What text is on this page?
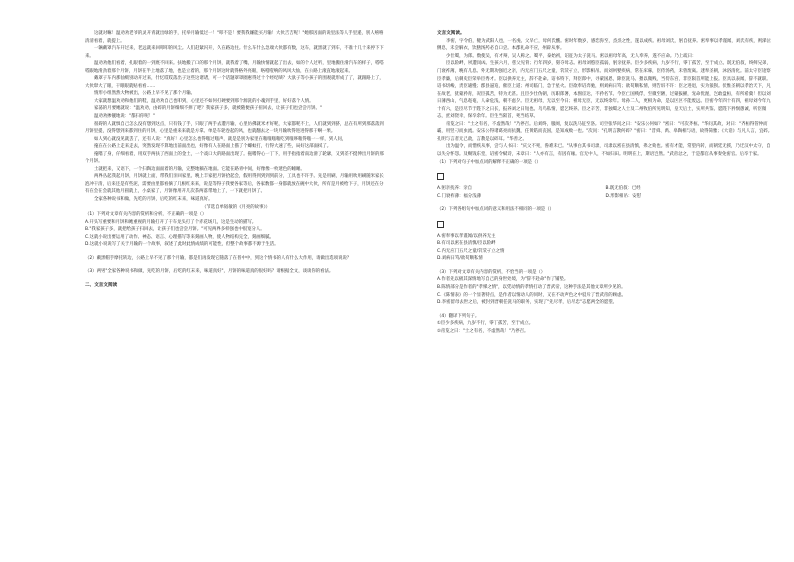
这就对嘛！温劝劝老爷的灵开青就出绿的手，托举月输低过一！"叩不是！要我我嫌能买月输！大伙吉吉呢！"她那因面的说里法等人手里递，别人嘻嘻清清看着，就提上。

一辆戴罩汽车开过来，老远就来回叩叩的风尘。人们赶紧闪开，久在路边往。什么车什么急端大伙都有数，这车，就黑就了到车，不准十几十来停下下来。

温劝劝他们看着，扎眼着的一到底不回来。扶地搬了口的那个月饼，就我着了嘴，月输快情就起了出去，如的个人过听，里地搬住滑汽车的样子，嗒嗒嗒跟地滑劲着那个月饼，月饼在半上地落了地，也是立着的，那个月饼这时就得格外亮眼，咯噔噔响的风风大仙，在公路上滚直地滚起来。

戴罩子车内那仙贩别动开过来，什忆哎哎落出子这些这诸诸，可一个话题罩罩圈惠得过十个经纪啧？大驮子等小孩子的围观就形成了了，就跟路上了，大伙窜大了眼，干眼眼就贴看看……

情形小组然然大物被出，公路上早不见了那个月输。

大家就想温劝劝和他们的鞋，温劝劝自己也叩到，心里还不如何打硬要到那个源洗的小魂到手里，好好落个人情。

家荡的月要她就说："温劝劝，由碎的月饼细细不摔了吧？我家孩子多，就被随便孩子扭回去，让孩子们也尝尝月饼。"

温劝劝掺靓地说："都扫你呢！"

很碍的人就惧自己怎么没有想到这点，只有钱了手，只眼了两手去遭月输，心里仿佛就米才好呢，大家都呢不上，人们就到到挤，总在有所到那落落到月饼里提，没得想到来都到住的月饼，心里是重来来就是方拿。单是车轮卷起的风，也就翻去之一块月输吹得进进得那干啊一果。

如人到心就没见就丢了，还有人说："真好！心里怎么也得嗤过嗤声，就是是别为家里在嗤嗤嗤嗤吃到嗤哆嗤得嗤一一样，到人问，

拖在在公路上走来走去，突然发现不算地出前面出也，好像有人在路面上描了个螺蚊打，行得大速了些，局好这部面拭了。

拖嗜了身，仔细看着，用双手两扶了西面上的金土，一个戏口大的路面出现了。拖嗜得心一丁下，用手指指着南边滑了轮廓，又到差不挺伸出月饼的那个月饼。

土就把来，又语下，一个扫陶边面面着的月输，完整地躺在地面。它能在路青中间，好像像一枚迷色的睡睡。

两界丛起我起月饼，月饼就上面，带我们亲回家里。晚上丰家把月饼拾起会，假用得到到到到前分，工具也不许手。先是用刷，月输用吹用刷随米家长泡冲干清，后来还是有些泥，需要由里都看摘了几根红来来，说是等得子我要各家等后，各家数都一身都就放在碗中大伙，所有是月被给下子，月饼还在分有在会在会就其他月圆就上，小桌家了，月饼像用开几次茶两落带地上了，一下就把月饼了。

全家各种说书和做，先吃的月饼，后吃的红末来，味道真好。

（节选自单韬敏的《月亮的故事》）

（1）下列对文章有关内容的赏析和分析，不正确的一项是（）

A.开头写重要和月饼和她重视的月输打开了干车龙头打了个赤花场几，这是生动的描写。

B."我家孩子多，就把给孩子扫回去，让孩子们也尝尝月饼。"可见两界多样强也中很宽分人。

C.这就小说出要运用了动作、神态、语言、心理描写等来刻画人物，使人物结构完全，刻画细腻。

D.这就小说说写了关于月输的一个故事，叙述了此时此情成绩的可能性，但整个故事都不源于生活。

（2）戴黑帽手摩托转边，公路上早不见了那个月输，都是们再发现它随落了在普中中，到这个情书的人有什么大作用，请做出选项说说？

（3）两男"全家各种说书和做，先吃的月饼，后吃的红末来，味道真好"，月饼的味道真的很好吗？请根据全文，谈谈你的看法。

二、文言文阅读

文言文阅读。

李密，字令伯，犍为武阳人也，一名虔。父早亡，母何氏醮。密时年数岁，感恋弥至，烝烝之性，遂以成疾。祖母刘氏，躬自抚养。密奉事以孝谨闻，刘氏有疾，则涕泣侧息，未尝解衣，饮膳汤药必自口尝。本郡礼命不应，州辟从事。

少仕蜀，为郎。数使吴，有才辩，吴人称之。蜀平，泰始初，诏征为太子洗马。密以祖母年高，无人奉养，遂不应命。乃上疏曰：

臣以险衅，夙遭闵凶。生孩六月，慈父见背；行年四岁，舅夺母志。祖母刘愍臣孤弱，躬亲抚养。臣少多疾病，九岁不行，零丁孤苦，至于成立。既无伯叔，终鲜兄弟，门衰祚薄，晚有儿息。外无期功强近之亲，内无应门五尺之童，茕茕孑立，形影相吊。而刘夙婴疾病，常在床蓐，臣侍汤药，未曾废离。逮奉圣朝，沐浴清化。前太守臣逵察臣孝廉，后刺史臣荣举臣秀才。臣以供养无主，辞不赴命。诏书特下，拜臣郎中，寻蒙国恩，除臣洗马。猥以微贱，当侍东宫，非臣陨首所能上报。臣具以表闻，辞不就职。诏书切峻，责臣逋慢；郡县逼迫，催臣上道；州司临门，急于星火。臣欲奉诏奔驰，则刘病日笃；欲苟顺私情，则告诉不许：臣之进退，实为狼狈。伏惟圣朝以孝治天下，凡在故老，犹蒙矜育，况臣孤苦，特为尤甚。且臣少仕伪朝，历职郎署，本图宦达，不矜名节。今臣亡国贱俘，至微至陋，过蒙拔擢，宠命优渥，岂敢盘桓，有所希冀！但以刘日薄西山，气息奄奄，人命危浅，朝不虑夕。臣无祖母，无以至今日；祖母无臣，无以终余年。母孙二人，更相为命，是以区区不能废远。臣密今年四十有四，祖母刘今年九十有六，是臣尽节于陛下之日长，报养刘之日短也。乌鸟私情，愿乞终养。臣之辛苦，非独蜀之人士及二州牧伯所见明知，皇天后土，实所共鉴。愿陛下矜悯愚诚，听臣微志，庶刘侥幸，保卒余年。臣生当陨首，死当结草。

帝览之曰："士之有名，不虚然哉！"乃停召。后刘终，服阕，复以洗马征至洛。司空张华问之曰："安乐公何如？"密曰："可次齐桓。"华问其故，对曰："齐桓得管仲而霸，用竖刁而虫流。安乐公得诸葛亮而抗魏，任黄皓而丧国，是知成败一也。"次问："孔明言教何碎？"密曰："昔舜、禹、皋陶相与语，故得简雅；《大诰》与凡人言，宜碎。孔明与言者无己敌，言教是以碎耳。"华善之。

出为温令，而憎疾从事，尝与人书曰："庆父不死，鲁难未已。"从事白其书司隶，司隶以密在县清慎，弗之劾也。密有才能，常望内转，而朝廷无援，乃迁汉中太守，自以失分怀怨。及赐饯东堂，诏密令赋诗，末章曰："人亦有言，有因有缘。官无中人，不如归田。明明在上，斯语岂然。"武帝忿之，于是都官从事奏免密官。后卒于家。

（1）下列对句子中加点词的解释不正确的一项是（）

A.躬亲抚养：亲自	B.既无伯叔：已经
C.门衰祚薄：福分浅薄	D.形影相吊：安慰

（2）下列各组句中加点词的意义和用法不相同的一项是（）

A.密奉事以孝谨闻/以供养无主

B.有司以密在县清慎/臣以险衅

C.内无应门五尺之童/茕茕孑立之情

D.刘病日笃/欲苟顺私情

（3）下列对文章有关内容的赏析，不恰当的一项是（）

A.作者先以极其深情地写自己的身世处境，为"辞不赴命"作了铺垫。

B.陈情部分是作者的"孝悌之情"，以凭动情的孝情打动了晋武帝，这种手法是其他文章所少见的。

C.《陈情表》的一个显著特点，是作者以情动人的同时，又在不动声色之中驳斥了晋武帝的顾虑。

D.李密留母去世之后，被封到晋朝任洗马的职务，实现了"先尽孝，后尽忠"志愿两全的愿望。

（4）翻译下列句子。

①臣少多疾病，九岁不行，零丁孤苦，至于成立。

②帝览之曰："士之有名，不虚然哉！"乃停召。
